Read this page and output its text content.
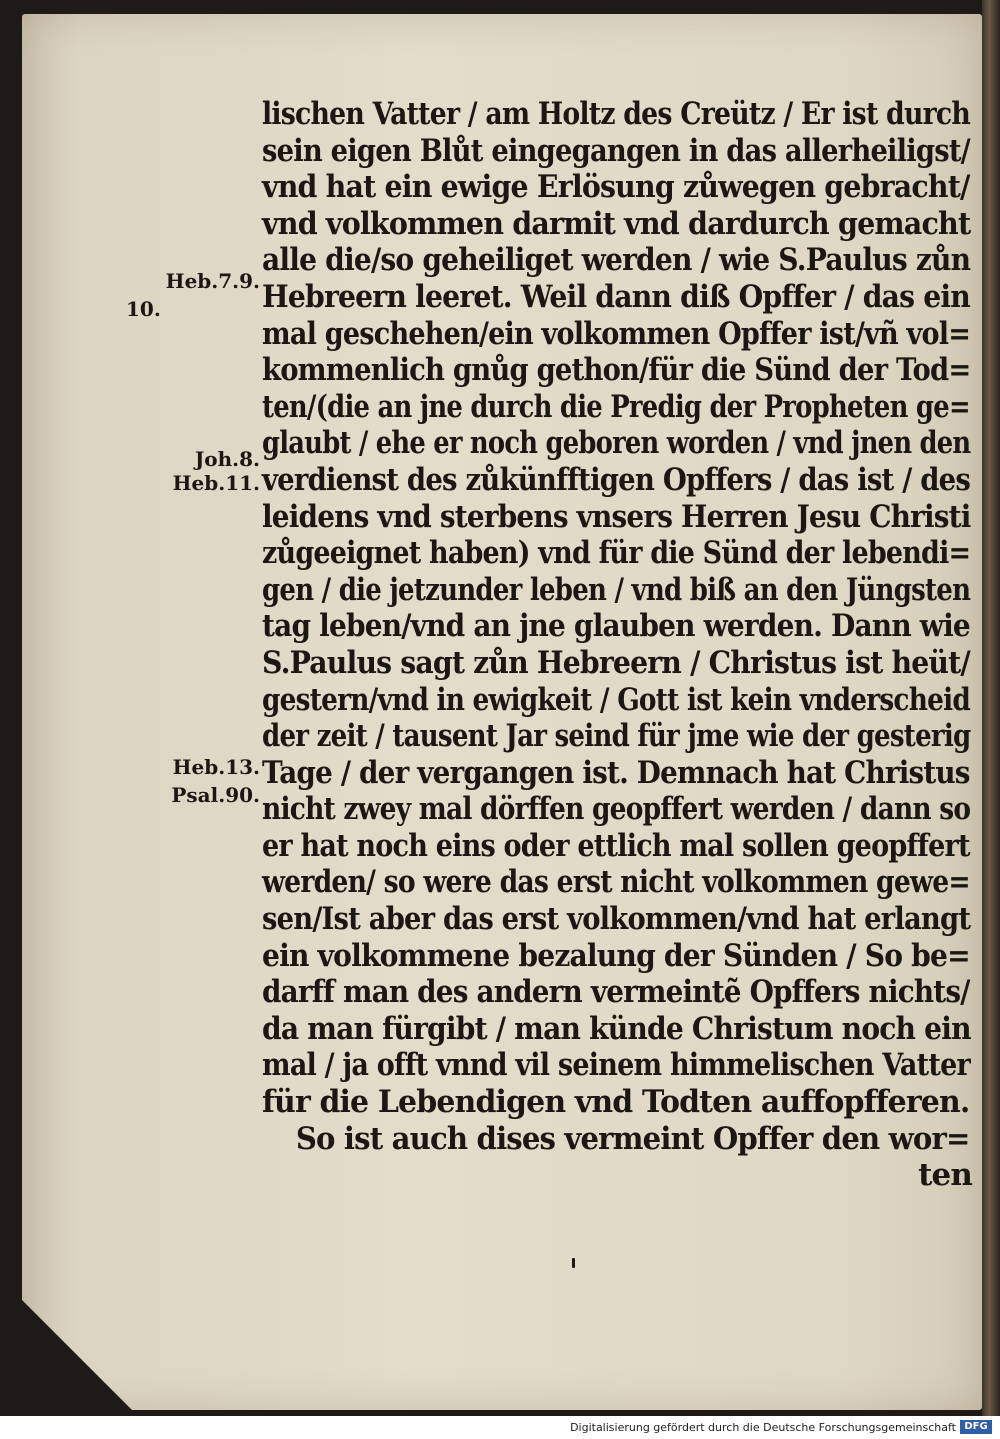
lischen Vatter / am Holtz des Creütz / Er ist durch
sein eigen Blůt eingegangen in das allerheiligst/
vnd hat ein ewige Erlösung zůwegen gebracht/
vnd volkommen darmit vnd dardurch gemacht
alle die/so geheiliget werden / wie S.Paulus zůn
Hebreern leeret. Weil dann diß Opffer / das ein
mal geschehen/ein volkommen Opffer ist/vñ vol=
kommenlich gnůg gethon/für die Sünd der Tod=
ten/(die an jne durch die Predig der Propheten ge=
glaubt / ehe er noch geboren worden / vnd jnen den
verdienst des zůkünfftigen Opffers / das ist / des
leidens vnd sterbens vnsers Herren Jesu Christi
zůgeeignet haben) vnd für die Sünd der lebendi=
gen / die jetzunder leben / vnd biß an den Jüngsten
tag leben/vnd an jne glauben werden. Dann wie
S.Paulus sagt zůn Hebreern / Christus ist heüt/
gestern/vnd in ewigkeit / Gott ist kein vnderscheid
der zeit / tausent Jar seind für jme wie der gesterig
Tage / der vergangen ist. Demnach hat Christus
nicht zwey mal dörffen geopffert werden / dann so
er hat noch eins oder ettlich mal sollen geopffert
werden/ so were das erst nicht volkommen gewe=
sen/Ist aber das erst volkommen/vnd hat erlangt
ein volkommene bezalung der Sünden / So be=
darff man des andern vermeintẽ Opffers nichts/
da man fürgibt / man künde Christum noch ein
mal / ja offt vnnd vil seinem himmelischen Vatter
für die Lebendigen vnd Todten auffopfferen.
So ist auch dises vermeint Opffer den wor=
ten
Heb.7.9.
10.
Joh.8.
Heb.11.
Heb.13.
Psal.90.
Digitalisierung gefördert durch die Deutsche Forschungsgemeinschaft DFG
